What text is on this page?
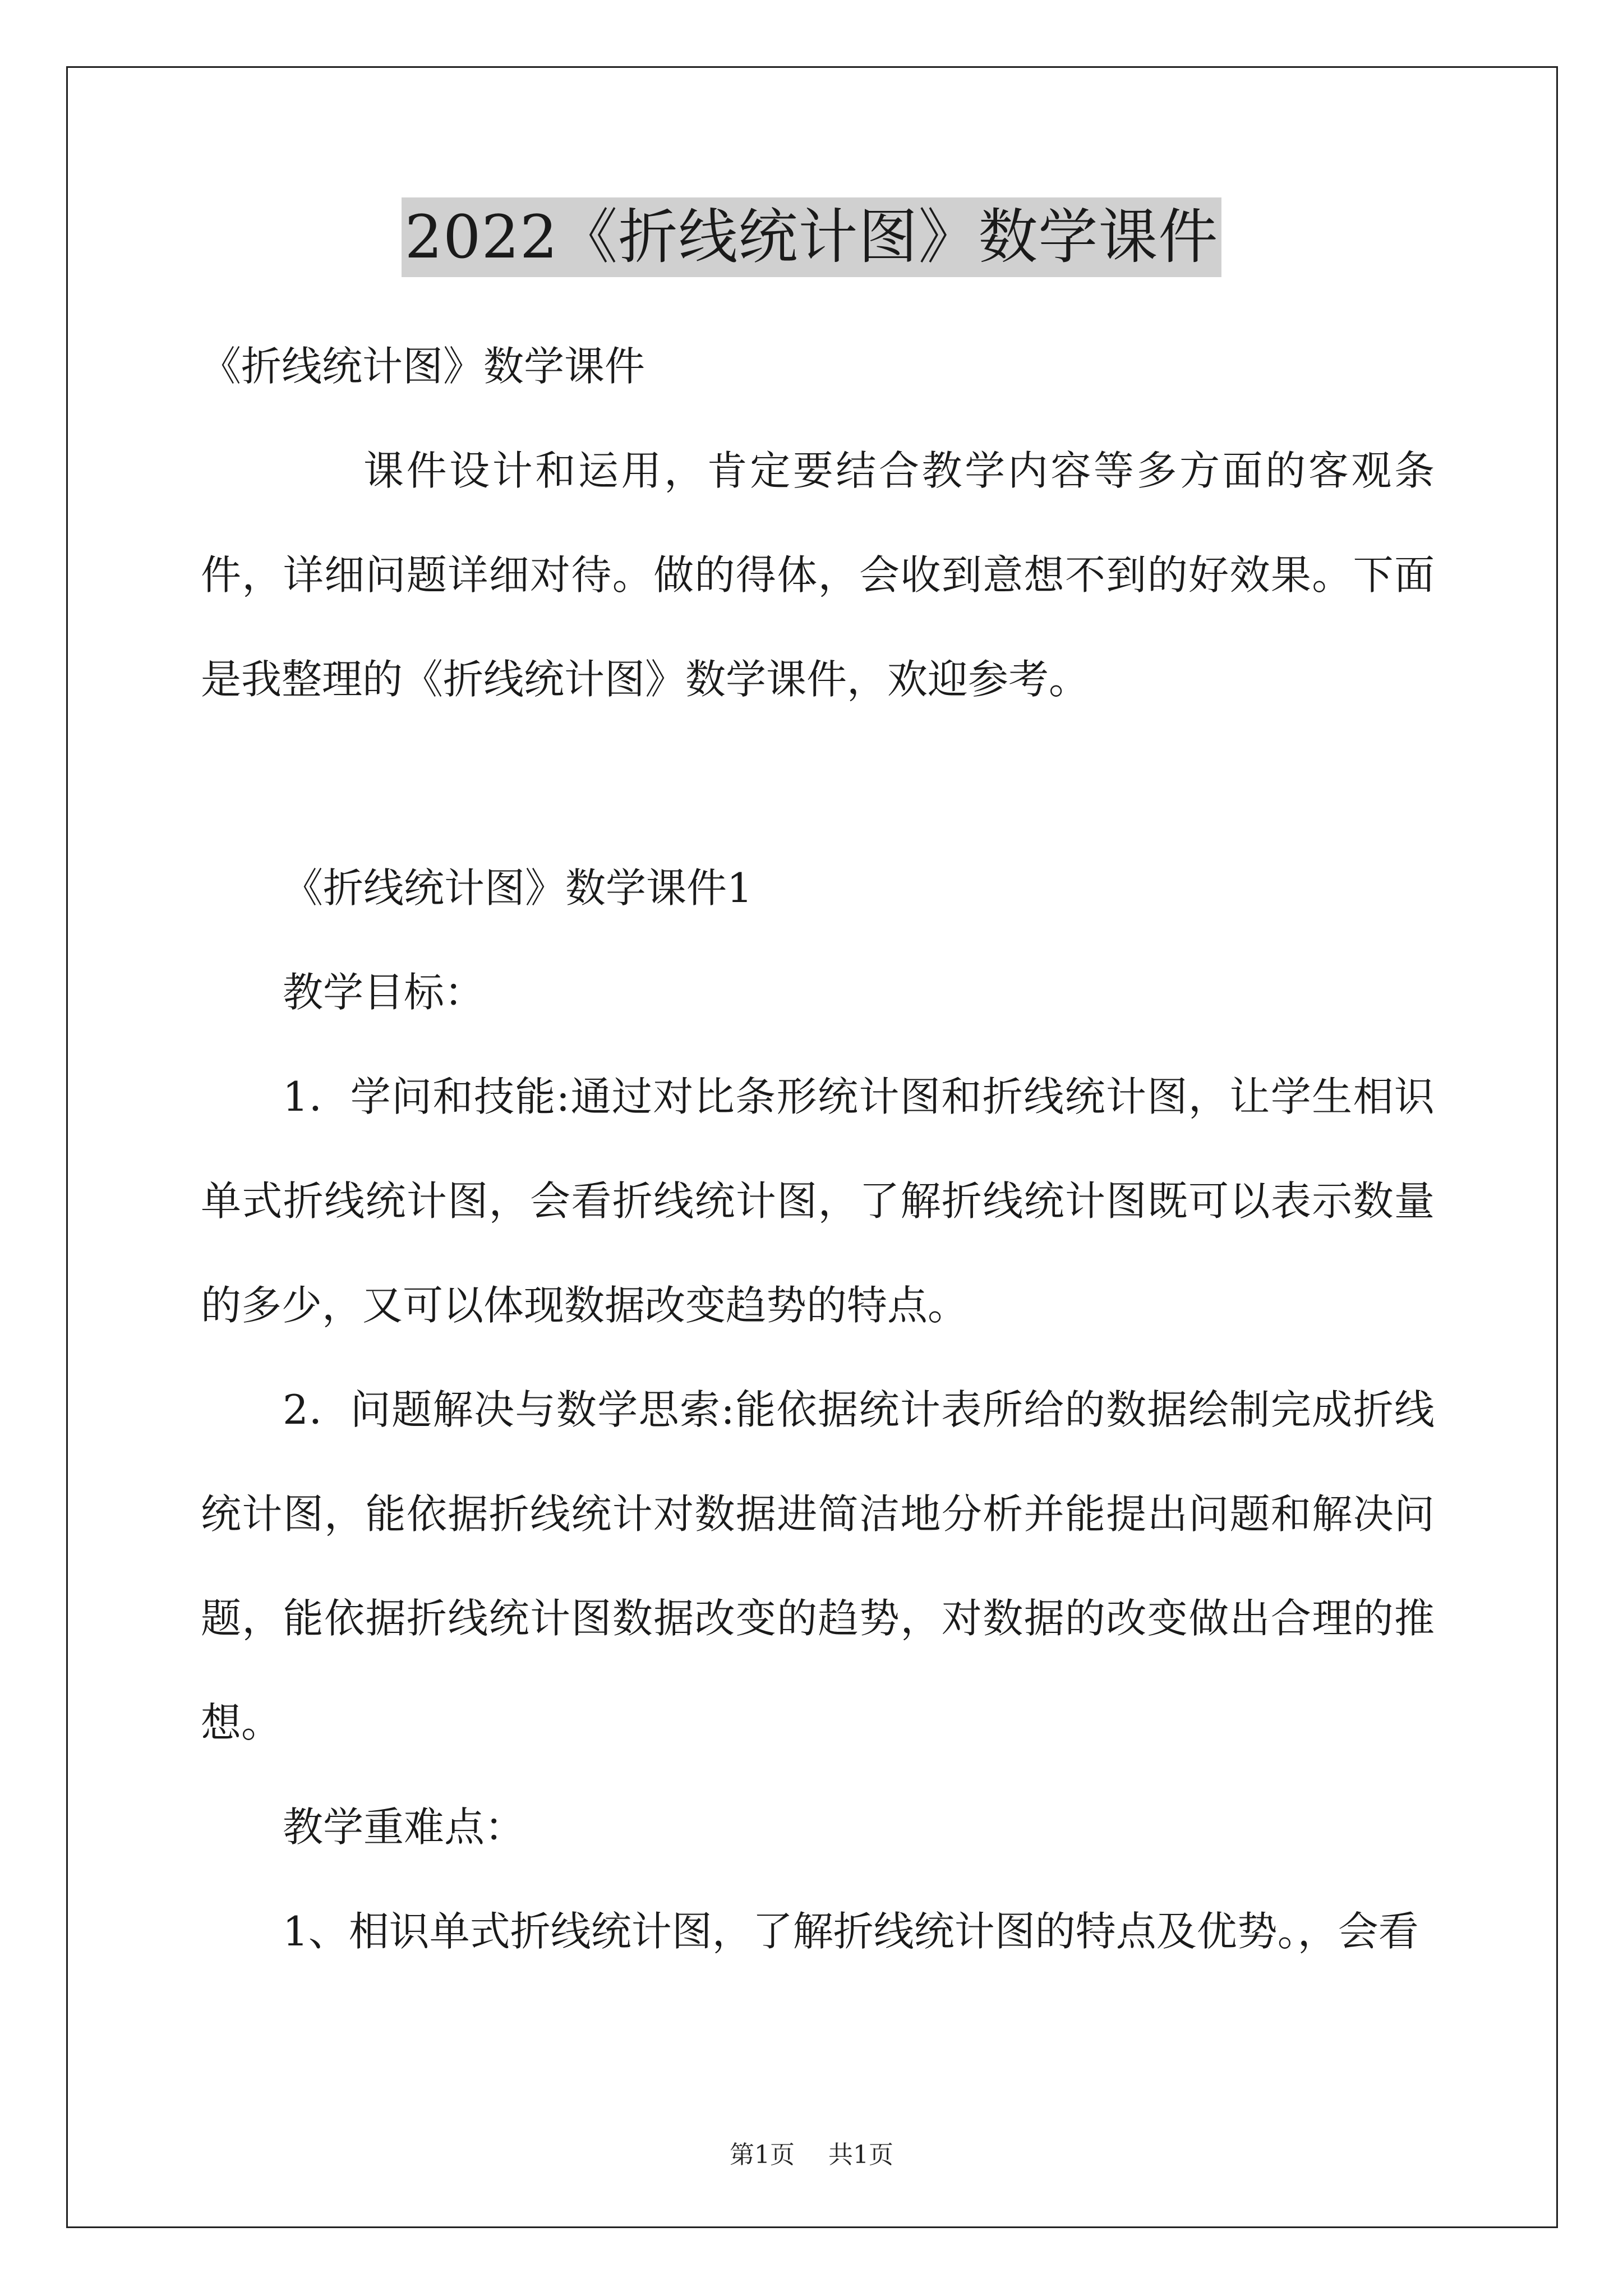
2022《折线统计图》数学课件

《折线统计图》数学课件

课件设计和运用，肯定要结合教学内容等多方面的客观条件，详细问题详细对待。做的得体，会收到意想不到的好效果。下面是我整理的《折线统计图》数学课件，欢迎参考。

《折线统计图》数学课件1

教学目标：

1．学问和技能:通过对比条形统计图和折线统计图，让学生相识单式折线统计图，会看折线统计图，了解折线统计图既可以表示数量的多少，又可以体现数据改变趋势的特点。

2．问题解决与数学思索:能依据统计表所给的数据绘制完成折线统计图，能依据折线统计对数据进简洁地分析并能提出问题和解决问题，能依据折线统计图数据改变的趋势，对数据的改变做出合理的推想。

教学重难点：

1、相识单式折线统计图，了解折线统计图的特点及优势。，会看

第1页 共1页
